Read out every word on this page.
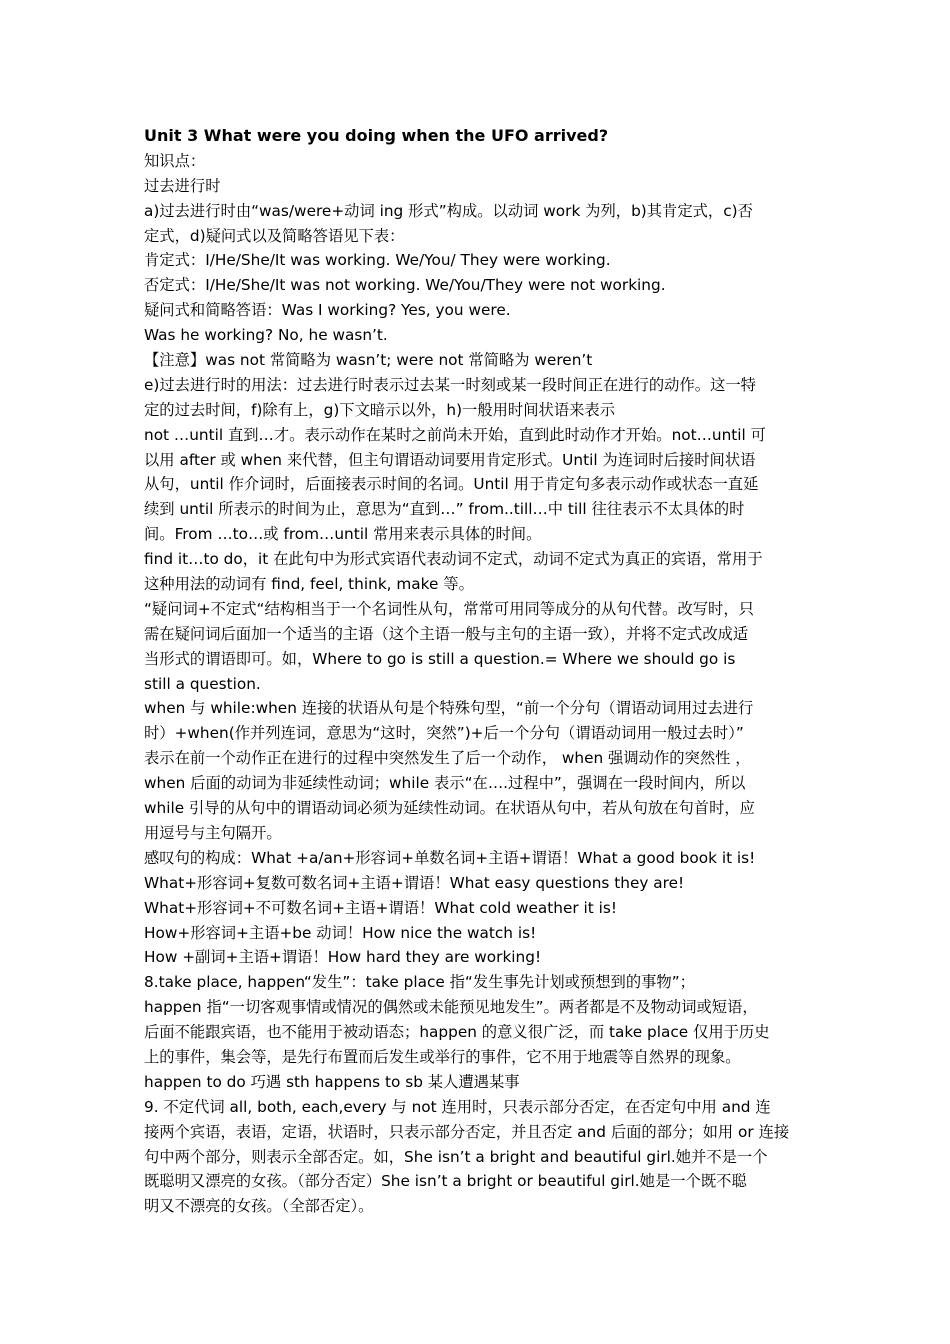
Unit 3 What were you doing when the UFO arrived?
知识点：
过去进行时
a)过去进行时由“was/were+动词 ing 形式”构成。以动词 work 为列，b)其肯定式，c)否
定式，d)疑问式以及简略答语见下表：
肯定式：I/He/She/It was working. We/You/ They were working.
否定式：I/He/She/It was not working. We/You/They were not working.
疑问式和简略答语：Was I working? Yes, you were.
Was he working? No, he wasn’t.
【注意】was not 常简略为 wasn’t; were not 常简略为 weren’t
e)过去进行时的用法：过去进行时表示过去某一时刻或某一段时间正在进行的动作。这一特
定的过去时间，f)除有上，g)下文暗示以外，h)一般用时间状语来表示
not …until 直到…才。表示动作在某时之前尚未开始，直到此时动作才开始。not…until 可
以用 after 或 when 来代替，但主句谓语动词要用肯定形式。Until 为连词时后接时间状语
从句，until 作介词时，后面接表示时间的名词。Until 用于肯定句多表示动作或状态一直延
续到 until 所表示的时间为止，意思为“直到…” from..till…中 till 往往表示不太具体的时
间。From …to…或 from…until 常用来表示具体的时间。
find it…to do，it 在此句中为形式宾语代表动词不定式，动词不定式为真正的宾语，常用于
这种用法的动词有 find, feel, think, make 等。
“疑问词+不定式“结构相当于一个名词性从句，常常可用同等成分的从句代替。改写时，只
需在疑问词后面加一个适当的主语（这个主语一般与主句的主语一致），并将不定式改成适
当形式的谓语即可。如，Where to go is still a question.= Where we should go is
still a question.
when 与 while:when 连接的状语从句是个特殊句型，“前一个分句（谓语动词用过去进行
时）+when(作并列连词，意思为“这时，突然”)+后一个分句（谓语动词用一般过去时）”
表示在前一个动作正在进行的过程中突然发生了后一个动作， when 强调动作的突然性 ，
when 后面的动词为非延续性动词；while 表示“在….过程中”，强调在一段时间内，所以
while 引导的从句中的谓语动词必须为延续性动词。在状语从句中，若从句放在句首时，应
用逗号与主句隔开。
感叹句的构成：What +a/an+形容词+单数名词+主语+谓语！What a good book it is!
What+形容词+复数可数名词+主语+谓语！What easy questions they are!
What+形容词+不可数名词+主语+谓语！What cold weather it is!
How+形容词+主语+be 动词！How nice the watch is!
How +副词+主语+谓语！How hard they are working!
8.take place, happen“发生”：take place 指“发生事先计划或预想到的事物”；
happen 指“一切客观事情或情况的偶然或未能预见地发生”。两者都是不及物动词或短语，
后面不能跟宾语，也不能用于被动语态；happen 的意义很广泛，而 take place 仅用于历史
上的事件，集会等，是先行布置而后发生或举行的事件，它不用于地震等自然界的现象。
happen to do 巧遇 sth happens to sb 某人遭遇某事
9. 不定代词 all, both, each,every 与 not 连用时，只表示部分否定，在否定句中用 and 连
接两个宾语，表语，定语，状语时，只表示部分否定，并且否定 and 后面的部分；如用 or 连接
句中两个部分，则表示全部否定。如，She isn’t a bright and beautiful girl.她并不是一个
既聪明又漂亮的女孩。（部分否定）She isn’t a bright or beautiful girl.她是一个既不聪
明又不漂亮的女孩。（全部否定）。
